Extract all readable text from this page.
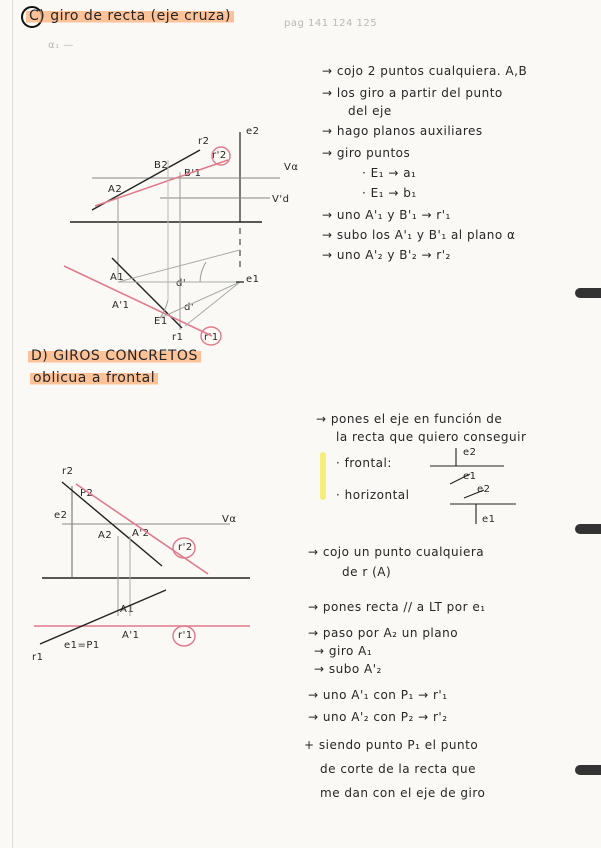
C) giro de recta (eje cruza)	pag 141 124 125
α₁ —
→ cojo 2 puntos cualquiera. A,B
→ los giro a partir del punto
del eje
→ hago planos auxiliares
→ giro puntos
· E₁ → a₁
· E₁ → b₁
→ uno A'₁ y B'₁ → r'₁
→ subo los A'₁ y B'₁ al plano α
→ uno A'₂ y B'₂ → r'₂
D) GIROS CONCRETOS
oblicua a frontal
→ pones el eje en función de
la recta que quiero conseguir
· frontal:
· horizontal
e2
e1
e2
e1
→ cojo un punto cualquiera
de r (A)
→ pones recta // a LT por e₁
→ paso por A₂ un plano
→ giro A₁
→ subo A'₂
→ uno A'₁ con P₁ → r'₁
→ uno A'₂ con P₂ → r'₂
+ siendo punto P₁ el punto
de corte de la recta que
me dan con el eje de giro
e2
r2
r'2
B2
B'1
A2
Vα
V'd
e1
A1
A'1
d'
d'
E1
r1 r'1
r2
P2
e2
A2 A'2
Vα
r'2
A1
A'1
e1=P1
r1
r'1
